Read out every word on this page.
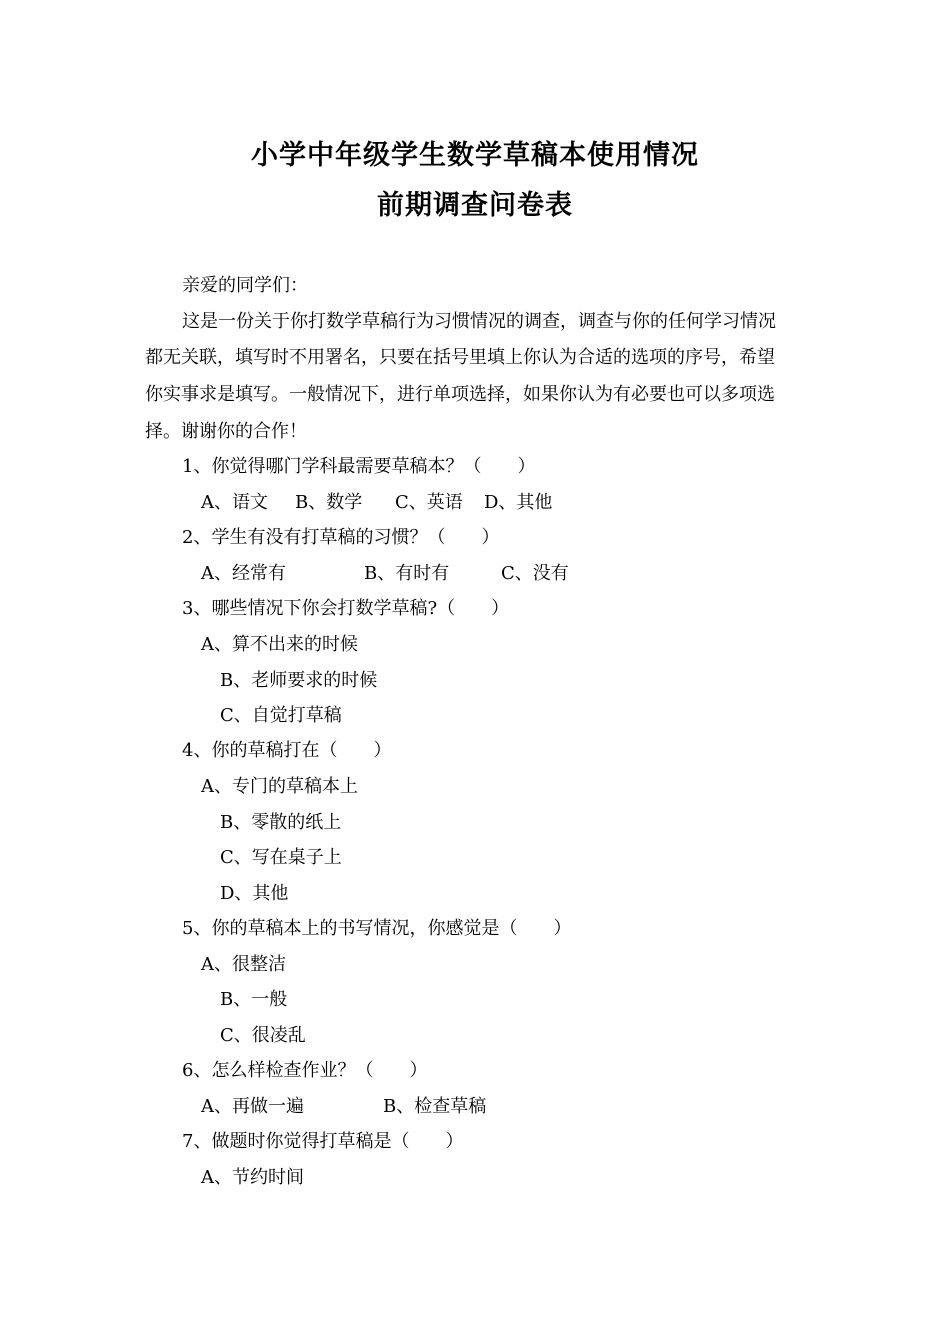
小学中年级学生数学草稿本使用情况
前期调查问卷表
亲爱的同学们：
这是一份关于你打数学草稿行为习惯情况的调查，调查与你的任何学习情况
都无关联，填写时不用署名，只要在括号里填上你认为合适的选项的序号，希望
你实事求是填写。一般情况下，进行单项选择，如果你认为有必要也可以多项选
择。谢谢你的合作！
1、你觉得哪门学科最需要草稿本？（　　）
A、语文 B、数学 C、英语 D、其他
2、学生有没有打草稿的习惯？（　　）
A、经常有	B、有时有	C、没有
3、哪些情况下你会打数学草稿?（　　）
A、算不出来的时候
B、老师要求的时候
C、自觉打草稿
4、你的草稿打在（　　）
A、专门的草稿本上
B、零散的纸上
C、写在桌子上
D、其他
5、你的草稿本上的书写情况，你感觉是（　　）
A、很整洁
B、一般
C、很凌乱
6、怎么样检查作业？（　　）
A、再做一遍	B、检查草稿
7、做题时你觉得打草稿是（　　）
A、节约时间
